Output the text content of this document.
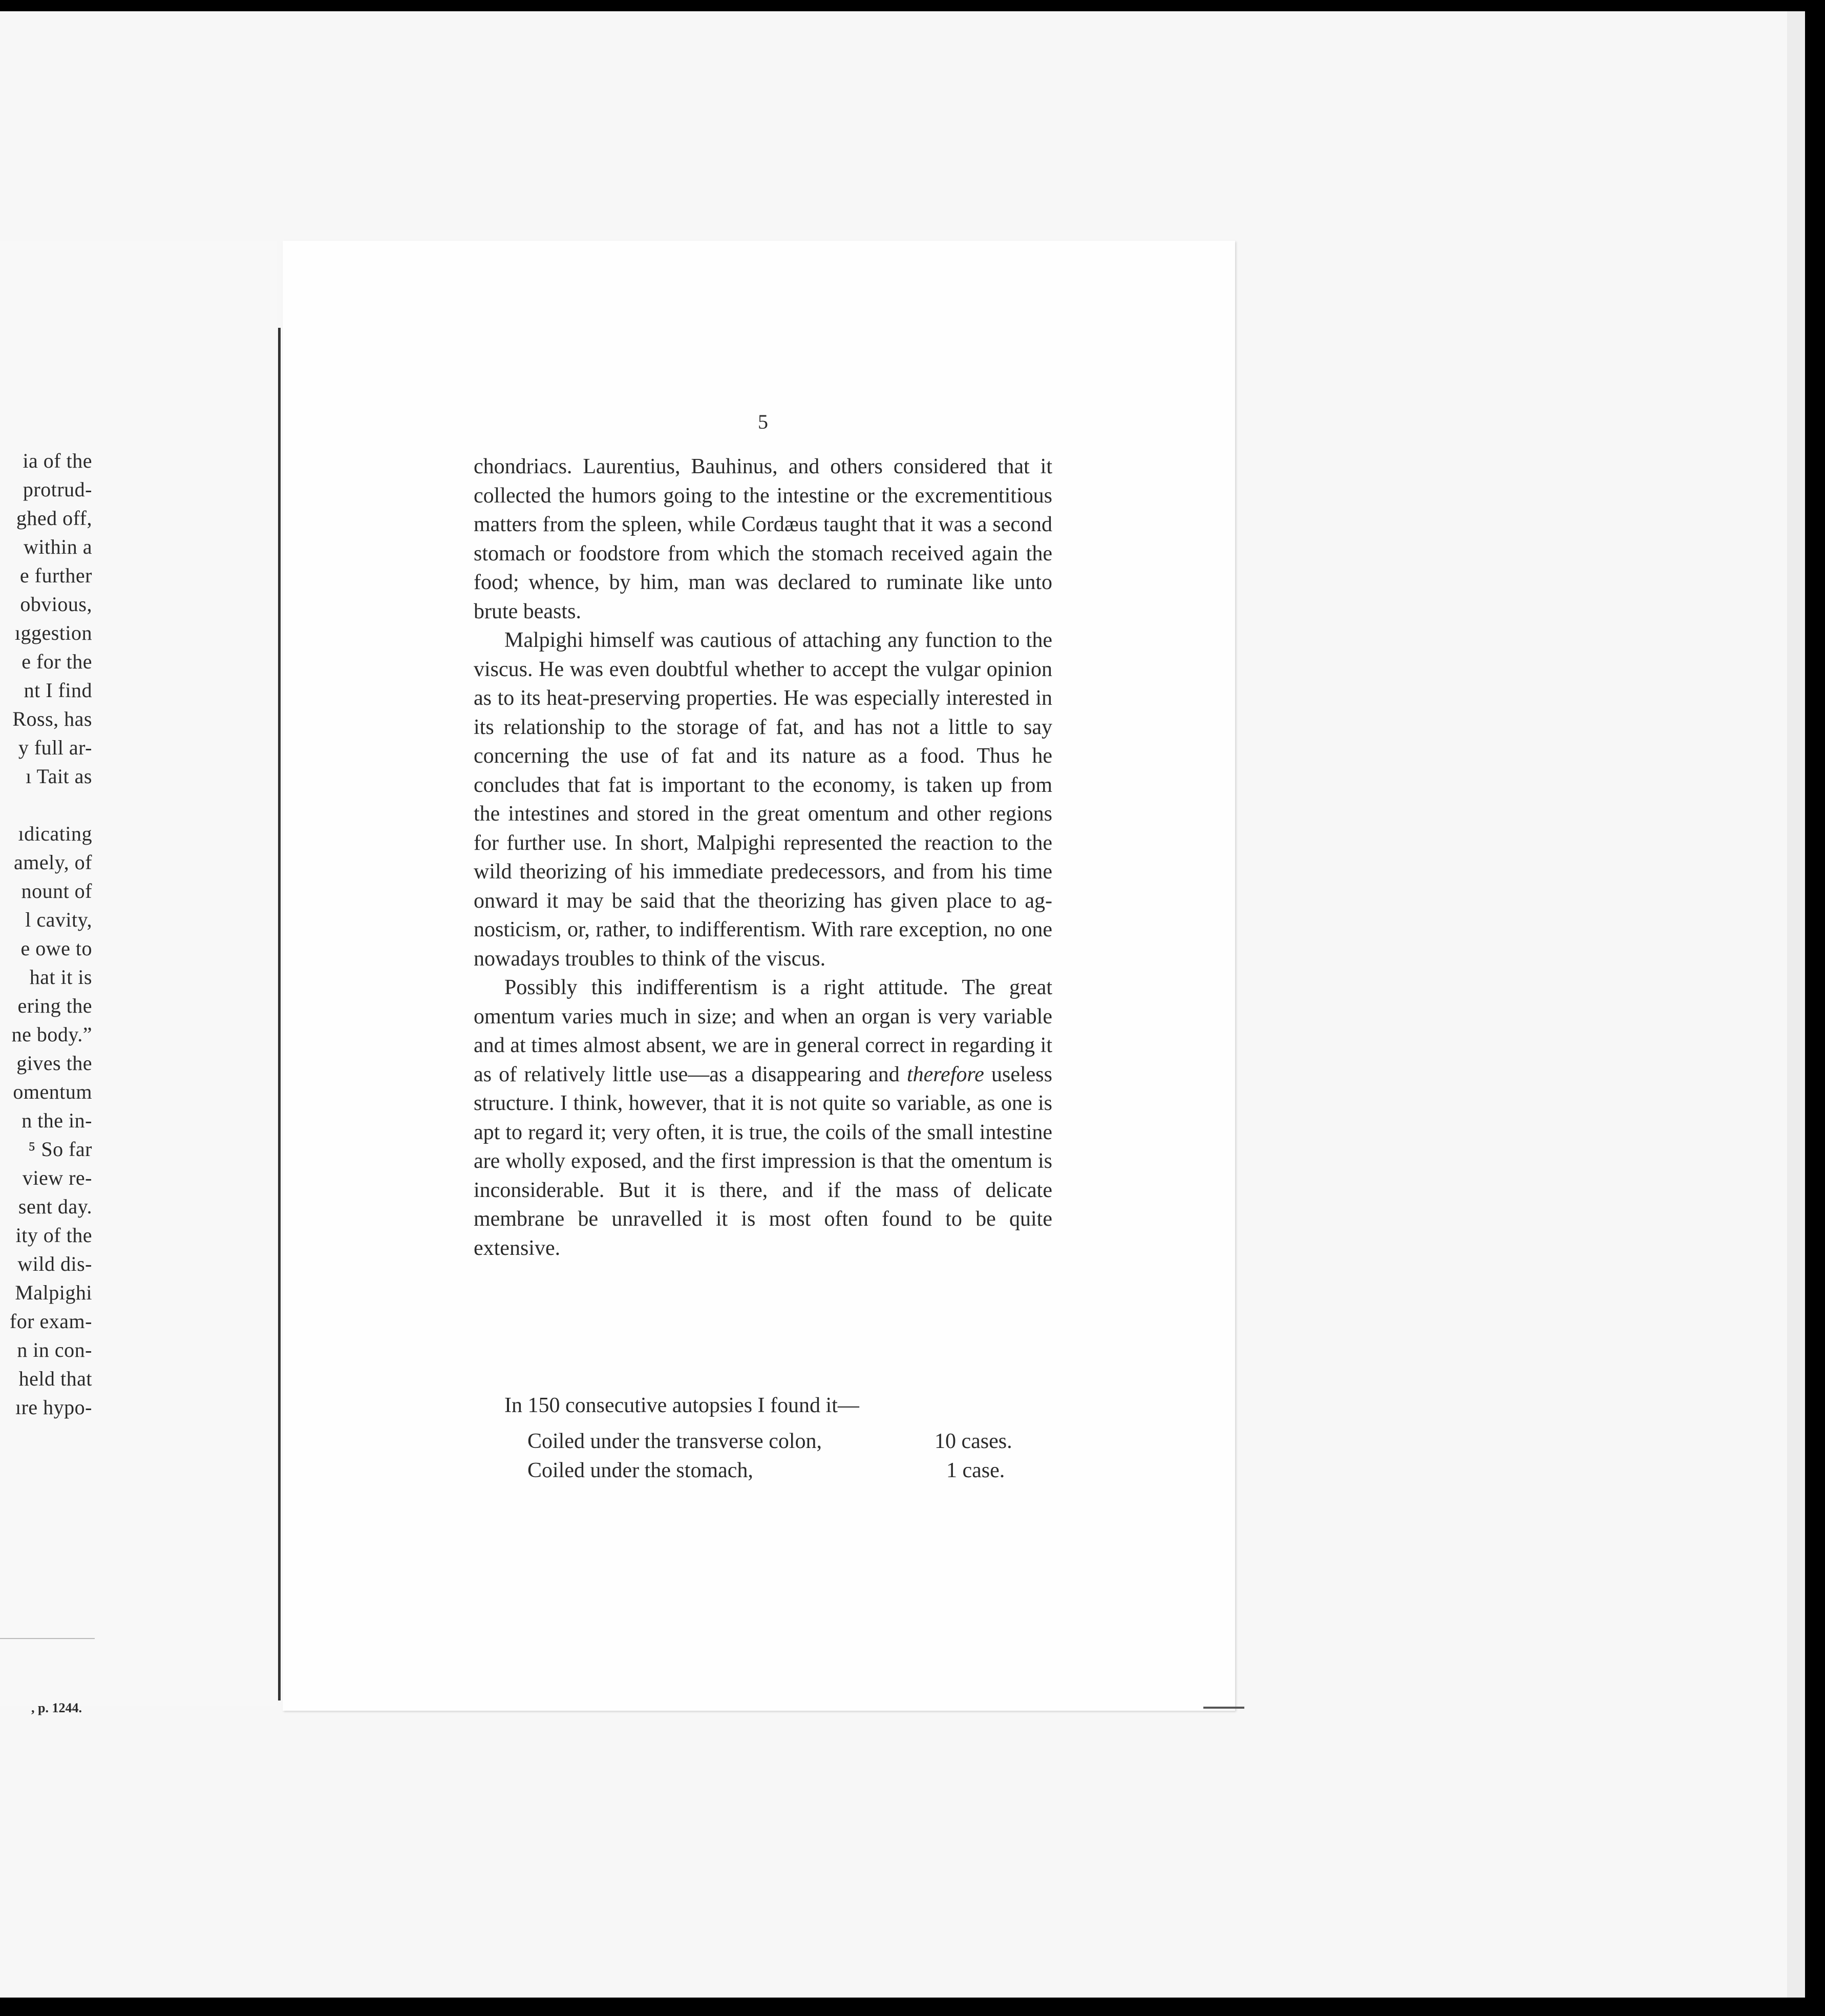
ia of the
protrud-
ghed off,
within a
e further
obvious,
ıggestion
e for the
nt I find
Ross, has
y full ar-
ı Tait as

ıdicating
amely, of
nount of
l cavity,
e owe to
hat it is
ering the
ne body.”
gives the
omentum
n the in-
⁵ So far
view re-
sent day.
ity of the
wild dis-
Malpighi
for exam-
n in con-
held that
ıre hypo-
, p. 1244.
5

chondriacs. Laurentius, Bauhinus, and others considered that it collected the humors going to the intestine or the excrementitious matters from the spleen, while Cordæus taught that it was a second stomach or foodstore from which the stomach received again the food; whence, by him, man was declared to ruminate like unto brute beasts.

Malpighi himself was cautious of attaching any function to the viscus. He was even doubtful whether to accept the vulgar opinion as to its heat-preserving properties. He was especially interested in its relationship to the storage of fat, and has not a little to say concerning the use of fat and its nature as a food. Thus he concludes that fat is important to the economy, is taken up from the intestines and stored in the great omentum and other regions for further use. In short, Malpighi represented the reaction to the wild theorizing of his immediate predecessors, and from his time onward it may be said that the theorizing has given place to agnosticism, or, rather, to indifferentism. With rare exception, no one nowadays troubles to think of the viscus.

Possibly this indifferentism is a right attitude. The great omentum varies much in size; and when an organ is very variable and at times almost absent, we are in general correct in regarding it as of relatively little use—as a disappearing and therefore useless structure. I think, however, that it is not quite so variable, as one is apt to regard it; very often, it is true, the coils of the small intestine are wholly exposed, and the first impression is that the omentum is inconsiderable. But it is there, and if the mass of delicate membrane be unravelled it is most often found to be quite extensive.

In 150 consecutive autopsies I found it—
Coiled under the transverse colon,	10 cases.
Coiled under the stomach,	1 case.
